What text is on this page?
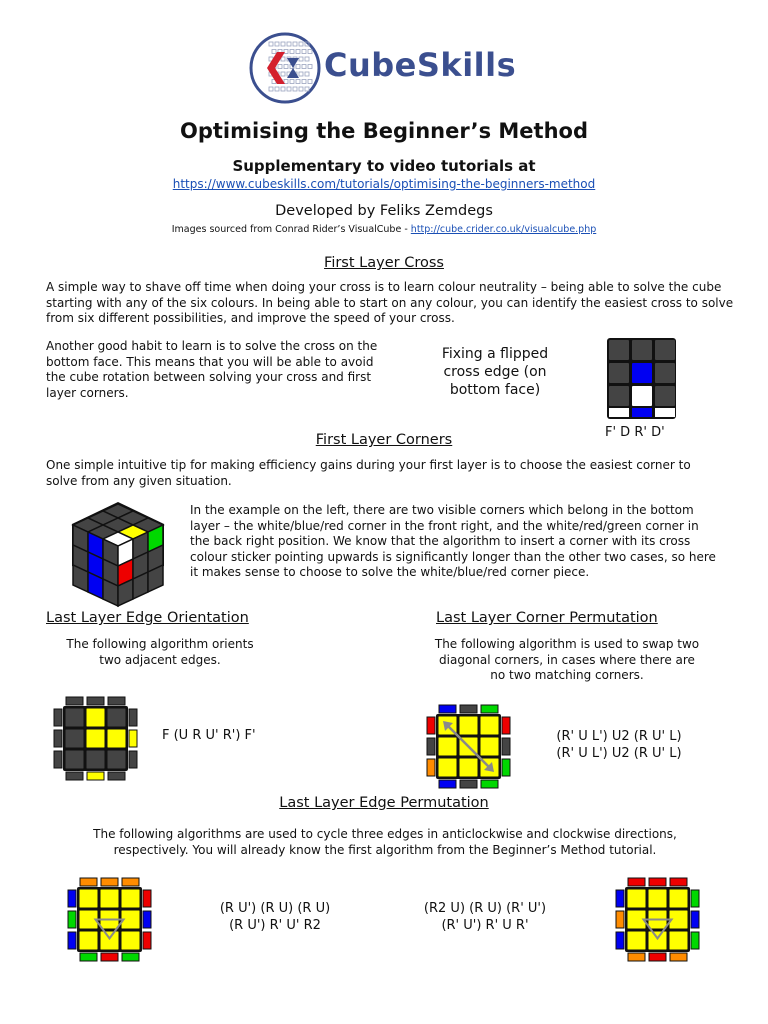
CubeSkills
Optimising the Beginner’s Method
Supplementary to video tutorials at
https://www.cubeskills.com/tutorials/optimising-the-beginners-method
Developed by Feliks Zemdegs
Images sourced from Conrad Rider’s VisualCube - http://cube.crider.co.uk/visualcube.php
First Layer Cross
A simple way to shave off time when doing your cross is to learn colour neutrality – being able to solve the cube starting with any of the six colours. In being able to start on any colour, you can identify the easiest cross to solve from six different possibilities, and improve the speed of your cross.
Another good habit to learn is to solve the cross on the bottom face. This means that you will be able to avoid the cube rotation between solving your cross and first layer corners.
Fixing a flipped cross edge (on bottom face)
F' D R' D'
First Layer Corners
One simple intuitive tip for making efficiency gains during your first layer is to choose the easiest corner to solve from any given situation.
In the example on the left, there are two visible corners which belong in the bottom layer – the white/blue/red corner in the front right, and the white/red/green corner in the back right position. We know that the algorithm to insert a corner with its cross colour sticker pointing upwards is significantly longer than the other two cases, so here it makes sense to choose to solve the white/blue/red corner piece.
Last Layer Edge Orientation
The following algorithm orients two adjacent edges.
Last Layer Corner Permutation
The following algorithm is used to swap two diagonal corners, in cases where there are no two matching corners.
F (U R U' R') F'	(R' U L') U2 (R U' L)
(R' U L') U2 (R U' L)
Last Layer Edge Permutation
The following algorithms are used to cycle three edges in anticlockwise and clockwise directions, respectively. You will already know the first algorithm from the Beginner’s Method tutorial.
(R U') (R U) (R U)
(R U') R' U' R2
(R2 U) (R U) (R' U')
(R' U') R' U R'
